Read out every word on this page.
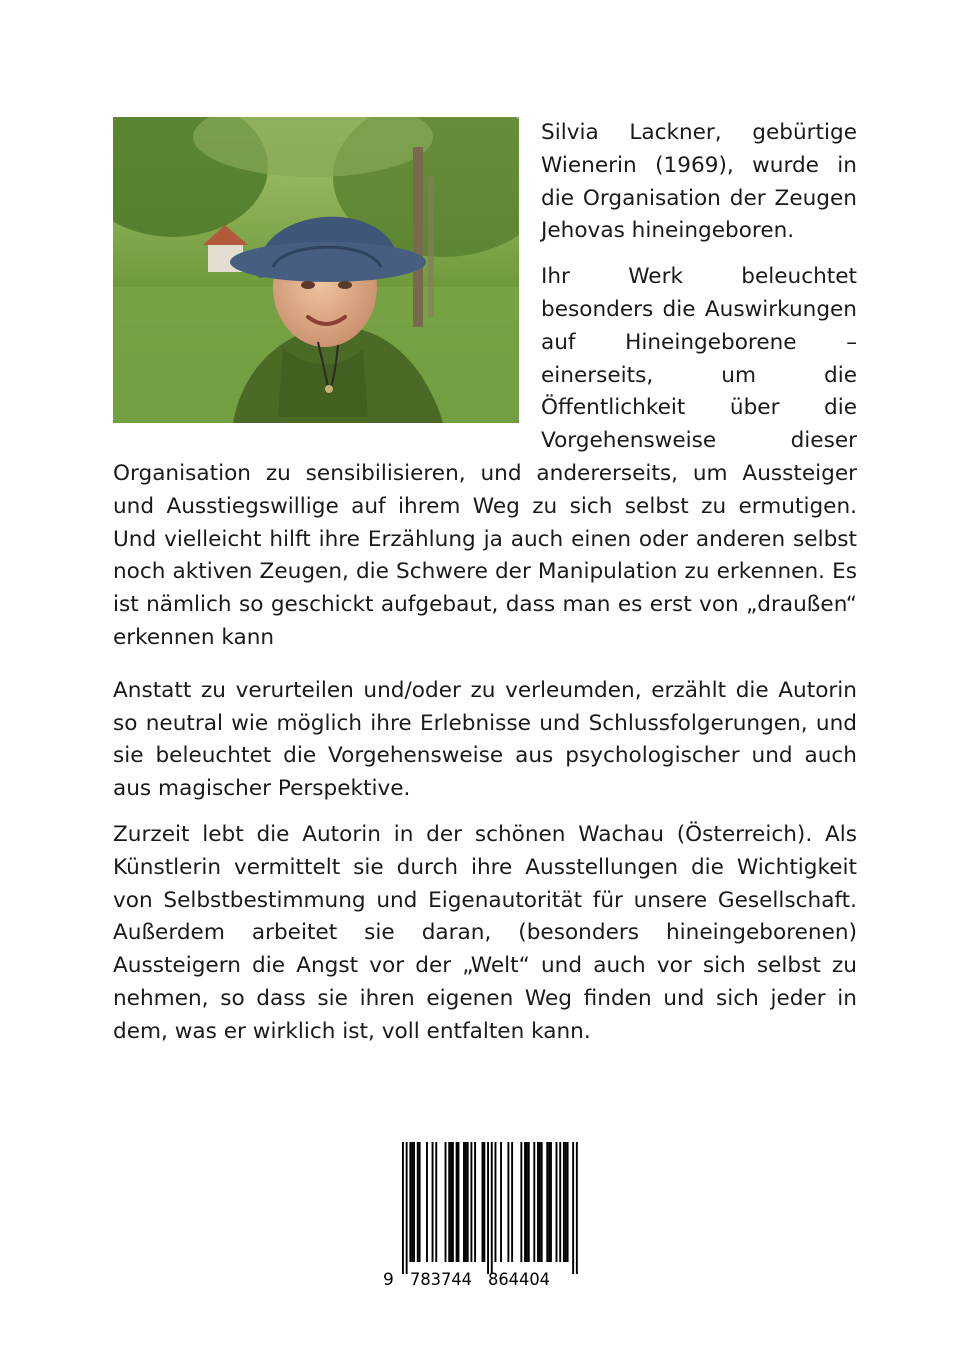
Silvia Lackner, gebürtige Wienerin (1969), wurde in die Organisation der Zeugen Jehovas hineingeboren.

Ihr Werk beleuchtet besonders die Auswirkungen auf Hineingeborene – einerseits, um die Öffentlichkeit über die Vorgehensweise dieser Organisation zu sensibilisieren, und andererseits, um Aussteiger und Ausstiegswillige auf ihrem Weg zu sich selbst zu ermutigen. Und vielleicht hilft ihre Erzählung ja auch einen oder anderen selbst noch aktiven Zeugen, die Schwere der Manipulation zu erkennen. Es ist nämlich so geschickt aufgebaut, dass man es erst von „draußen“ erkennen kann

Anstatt zu verurteilen und/oder zu verleumden, erzählt die Autorin so neutral wie möglich ihre Erlebnisse und Schlussfolgerungen, und sie beleuchtet die Vorgehensweise aus psychologischer und auch aus magischer Perspektive.

Zurzeit lebt die Autorin in der schönen Wachau (Österreich). Als Künstlerin vermittelt sie durch ihre Ausstellungen die Wichtigkeit von Selbstbestimmung und Eigenautorität für unsere Gesellschaft. Außerdem arbeitet sie daran, (besonders hineingeborenen) Aussteigern die Angst vor der „Welt“ und auch vor sich selbst zu nehmen, so dass sie ihren eigenen Weg finden und sich jeder in dem, was er wirklich ist, voll entfalten kann.

9 783744 864404
